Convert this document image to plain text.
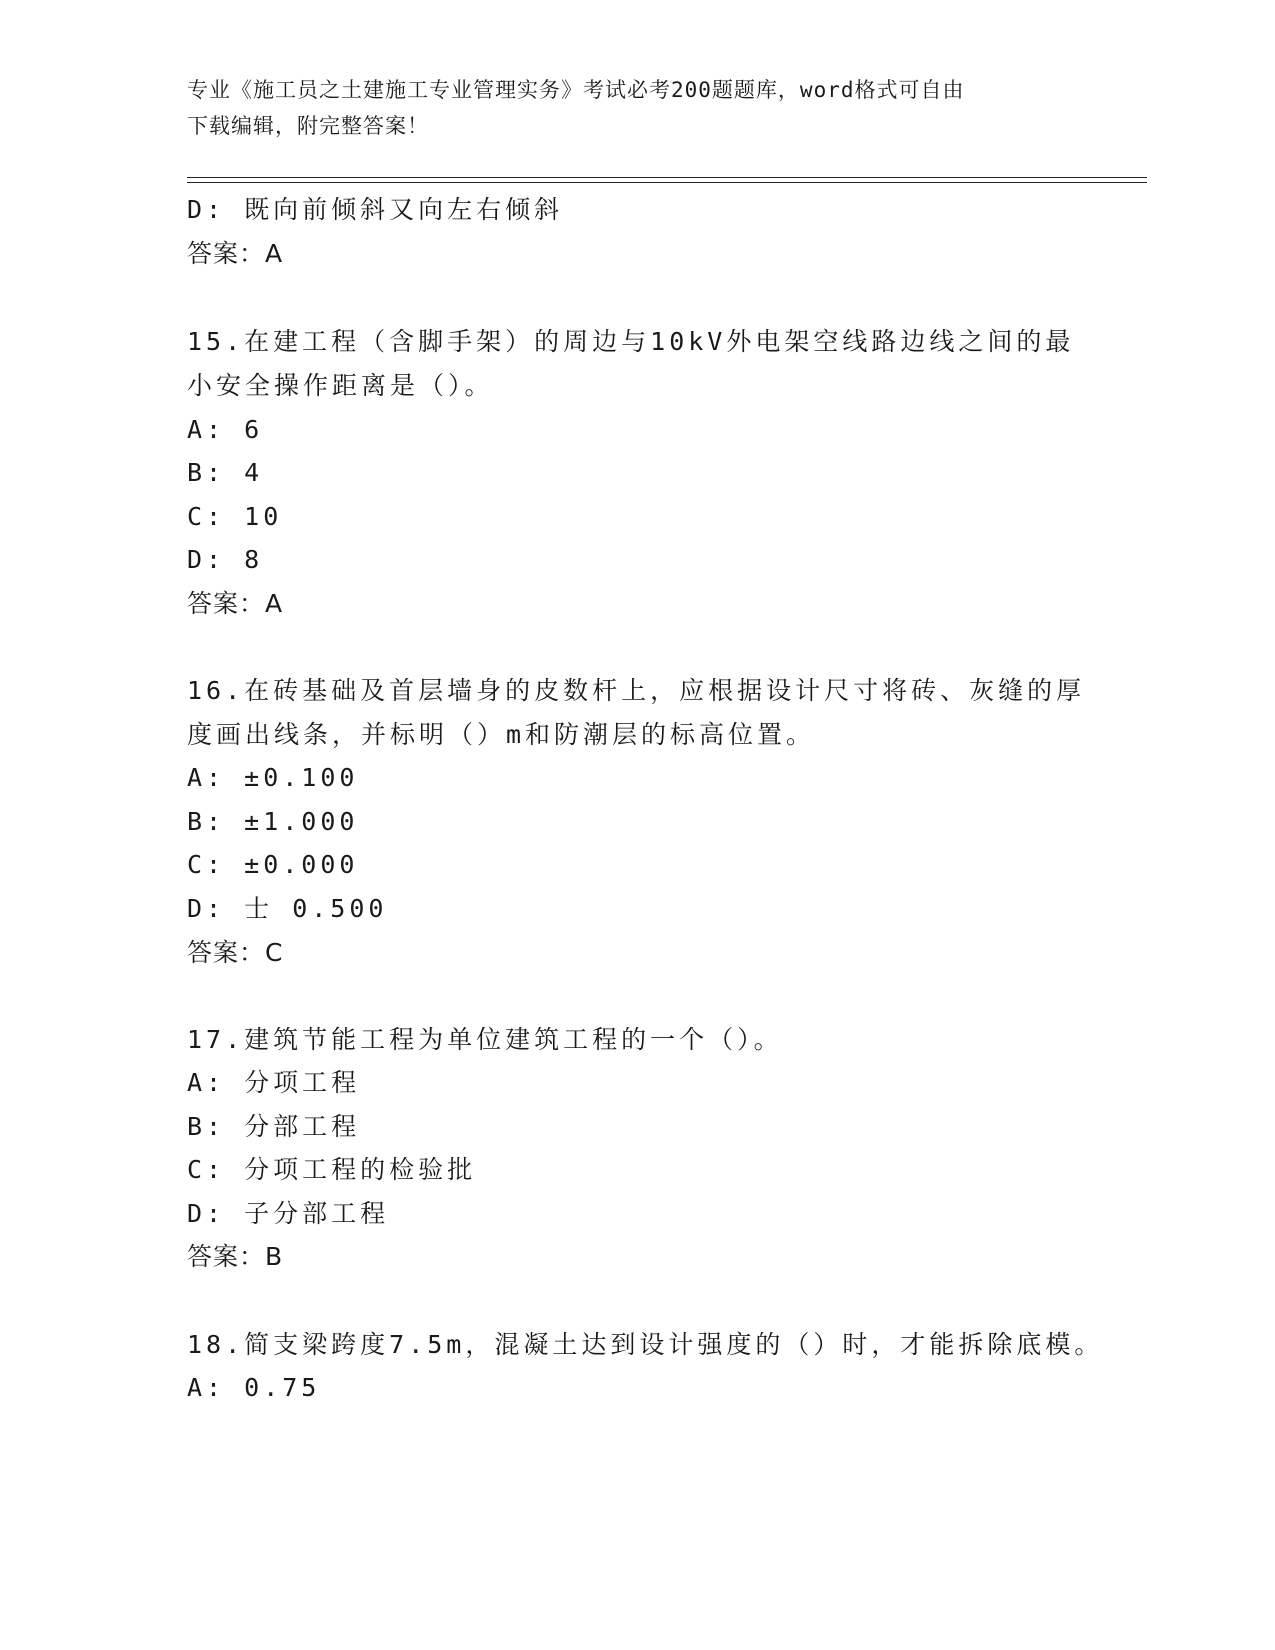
专业《施工员之土建施工专业管理实务》考试必考200题题库，word格式可自由
下载编辑，附完整答案！
D: 既向前倾斜又向左右倾斜
答案：A
15.在建工程（含脚手架）的周边与10kV外电架空线路边线之间的最
小安全操作距离是（）。
A: 6
B: 4
C: 10
D: 8
答案：A
16.在砖基础及首层墙身的皮数杆上，应根据设计尺寸将砖、灰缝的厚
度画出线条，并标明（）m和防潮层的标高位置。
A: ±0.100
B: ±1.000
C: ±0.000
D: 士 0.500
答案：C
17.建筑节能工程为单位建筑工程的一个（）。
A: 分项工程
B: 分部工程
C: 分项工程的检验批
D: 子分部工程
答案：B
18.简支梁跨度7.5m，混凝土达到设计强度的（）时，才能拆除底模。
A: 0.75
